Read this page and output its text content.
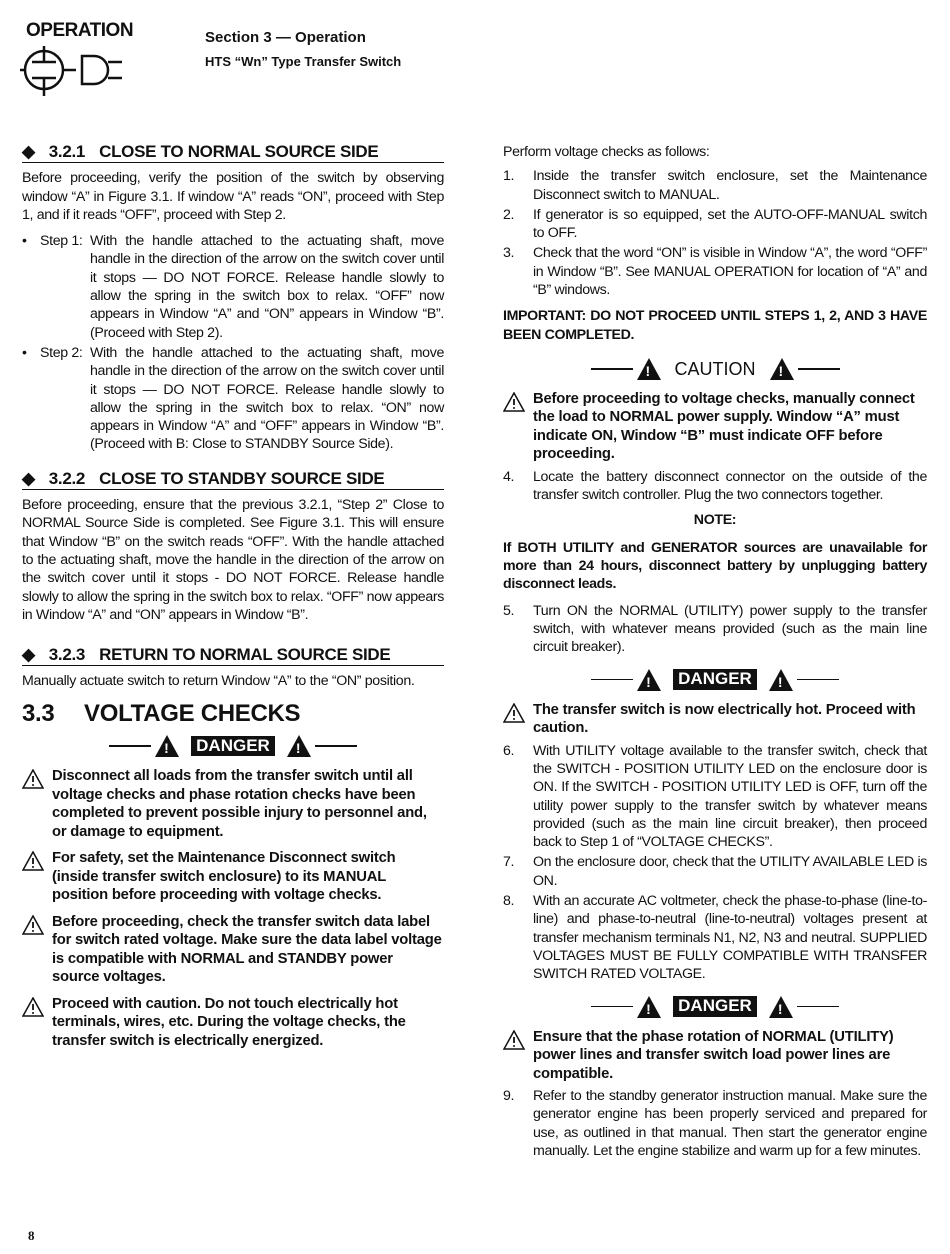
OPERATION	Section 3 — Operation
HTS “Wn” Type Transfer Switch
◆ 3.2.1 CLOSE TO NORMAL SOURCE SIDE

Before proceeding, verify the position of the switch by observing window “A” in Figure 3.1. If window “A” reads “ON”, proceed with Step 1, and if it reads “OFF”, proceed with Step 2.

• Step 1: With the handle attached to the actuating shaft, move handle in the direction of the arrow on the switch cover until it stops — DO NOT FORCE. Release handle slowly to allow the spring in the switch box to relax. “OFF” now appears in Window “A” and “ON” appears in Window “B”. (Proceed with Step 2).
• Step 2: With the handle attached to the actuating shaft, move handle in the direction of the arrow on the switch cover until it stops — DO NOT FORCE. Release handle slowly to allow the spring in the switch box to relax. “ON” now appears in Window “A” and “OFF” appears in Window “B”. (Proceed with B: Close to STANDBY Source Side).
◆ 3.2.2 CLOSE TO STANDBY SOURCE SIDE

Before proceeding, ensure that the previous 3.2.1, “Step 2” Close to NORMAL Source Side is completed. See Figure 3.1. This will ensure that Window “B” on the switch reads “OFF”. With the handle attached to the actuating shaft, move the handle in the direction of the arrow on the switch cover until it stops - DO NOT FORCE. Release handle slowly to allow the spring in the switch box to relax. “OFF” now appears in Window “A” and “ON” appears in Window “B”.

◆ 3.2.3 RETURN TO NORMAL SOURCE SIDE

Manually actuate switch to return Window “A” to the “ON” position.

3.3 VOLTAGE CHECKS
!
DANGER
!
Disconnect all loads from the transfer switch until all voltage checks and phase rotation checks have been completed to prevent possible injury to personnel and, or damage to equipment.
For safety, set the Maintenance Disconnect switch (inside transfer switch enclosure) to its MANUAL position before proceeding with voltage checks.
Before proceeding, check the transfer switch data label for switch rated voltage. Make sure the data label voltage is compatible with NORMAL and STANDBY power source voltages.
Proceed with caution. Do not touch electrically hot terminals, wires, etc. During the voltage checks, the transfer switch is electrically energized.

Perform voltage checks as follows:

1.	Inside the transfer switch enclosure, set the Maintenance Disconnect switch to MANUAL.
2.	If generator is so equipped, set the AUTO-OFF-MANUAL switch to OFF.
3.	Check that the word “ON” is visible in Window “A”, the word “OFF” in Window “B”. See MANUAL OPERATION for location of “A” and “B” windows.

IMPORTANT: DO NOT PROCEED UNTIL STEPS 1, 2, AND 3 HAVE BEEN COMPLETED.

!
CAUTION
!
Before proceeding to voltage checks, manually connect the load to NORMAL power supply. Window “A” must indicate ON, Window “B” must indicate OFF before proceeding.
4.	Locate the battery disconnect connector on the outside of the transfer switch controller. Plug the two connectors together.
NOTE:

If BOTH UTILITY and GENERATOR sources are unavailable for more than 24 hours, disconnect battery by unplugging battery disconnect leads.

5.	Turn ON the NORMAL (UTILITY) power supply to the transfer switch, with whatever means provided (such as the main line circuit breaker).
!
DANGER
!
The transfer switch is now electrically hot. Proceed with caution.
6.	With UTILITY voltage available to the transfer switch, check that the SWITCH - POSITION UTILITY LED on the enclosure door is ON. If the SWITCH - POSITION UTILITY LED is OFF, turn off the utility power supply to the transfer switch by whatever means provided (such as the main line circuit breaker), then proceed back to Step 1 of “VOLTAGE CHECKS”.
7.	On the enclosure door, check that the UTILITY AVAILABLE LED is ON.
8.	With an accurate AC voltmeter, check the phase-to-phase (line-to-line) and phase-to-neutral (line-to-neutral) voltages present at transfer mechanism terminals N1, N2, N3 and neutral. SUPPLIED VOLTAGES MUST BE FULLY COMPATIBLE WITH TRANSFER SWITCH RATED VOLTAGE.
!
DANGER
!
Ensure that the phase rotation of NORMAL (UTILITY) power lines and transfer switch load power lines are compatible.
9.	Refer to the standby generator instruction manual. Make sure the generator engine has been properly serviced and prepared for use, as outlined in that manual. Then start the generator engine manually. Let the engine stabilize and warm up for a few minutes.
8
